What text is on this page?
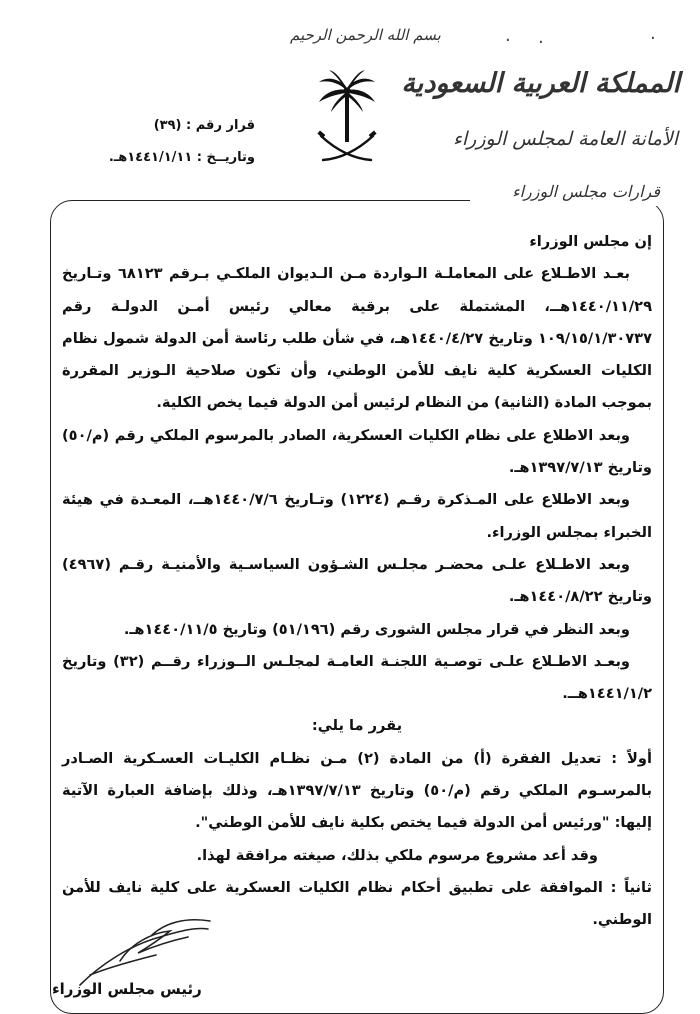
· ·	·
بسم الله الرحمن الرحيم
المملكة العربية السعودية
الأمانة العامة لمجلس الوزراء
قرار رقم : (٣٩)
وتاريــخ : ١٤٤١/١/١١هـ.
قرارات مجلس الوزراء

إن مجلس الوزراء

بعـد الاطـلاع على المعاملـة الـواردة مـن الـديوان الملكـي بـرقم ٦٨١٢٣ وتـاريخ ١٤٤٠/١١/٢٩هــ، المشتملة على برقية معالي رئيس أمـن الدولـة رقم ١٠٩/١٥/١/٣٠٧٣٧ وتاريخ ١٤٤٠/٤/٢٧هـ، في شأن طلب رئاسة أمن الدولة شمول نظام الكليات العسكرية كلية نايف للأمن الوطني، وأن تكون صلاحية الـوزير المقررة بموجب المادة (الثانية) من النظام لرئيس أمن الدولة فيما يخص الكلية.

وبعد الاطلاع على نظام الكليات العسكرية، الصادر بالمرسوم الملكي رقم (م/٥٠) وتاريخ ١٣٩٧/٧/١٣هـ.

وبعد الاطلاع على المـذكرة رقـم (١٢٢٤) وتـاريخ ١٤٤٠/٧/٦هــ، المعـدة في هيئة الخبراء بمجلس الوزراء.

وبعد الاطـلاع علـى محضـر مجلـس الشـؤون السياسـية والأمنيـة رقـم (٤٩٦٧) وتاريخ ١٤٤٠/٨/٢٢هـ.

وبعد النظر في قرار مجلس الشورى رقم (٥١/١٩٦) وتاريخ ١٤٤٠/١١/٥هـ.

وبعـد الاطـلاع علـى توصـية اللجنـة العامـة لمجلـس الــوزراء رقــم (٣٢) وتاريخ ١٤٤١/١/٢هــ.

يقرر ما يلي:

أولاً : تعديل الفقرة (أ) من المادة (٢) مـن نظـام الكليـات العسـكرية الصـادر بالمرسـوم الملكي رقم (م/٥٠) وتاريخ ١٣٩٧/٧/١٣هـ، وذلك بإضافة العبارة الآتية إليها: "ورئيس أمن الدولة فيما يختص بكلية نايف للأمن الوطني".

وقد أعد مشروع مرسوم ملكي بذلك، صيغته مرافقة لهذا.

ثانياً : الموافقة على تطبيق أحكام نظام الكليات العسكرية على كلية نايف للأمن الوطني.

رئيس مجلس الوزراء
